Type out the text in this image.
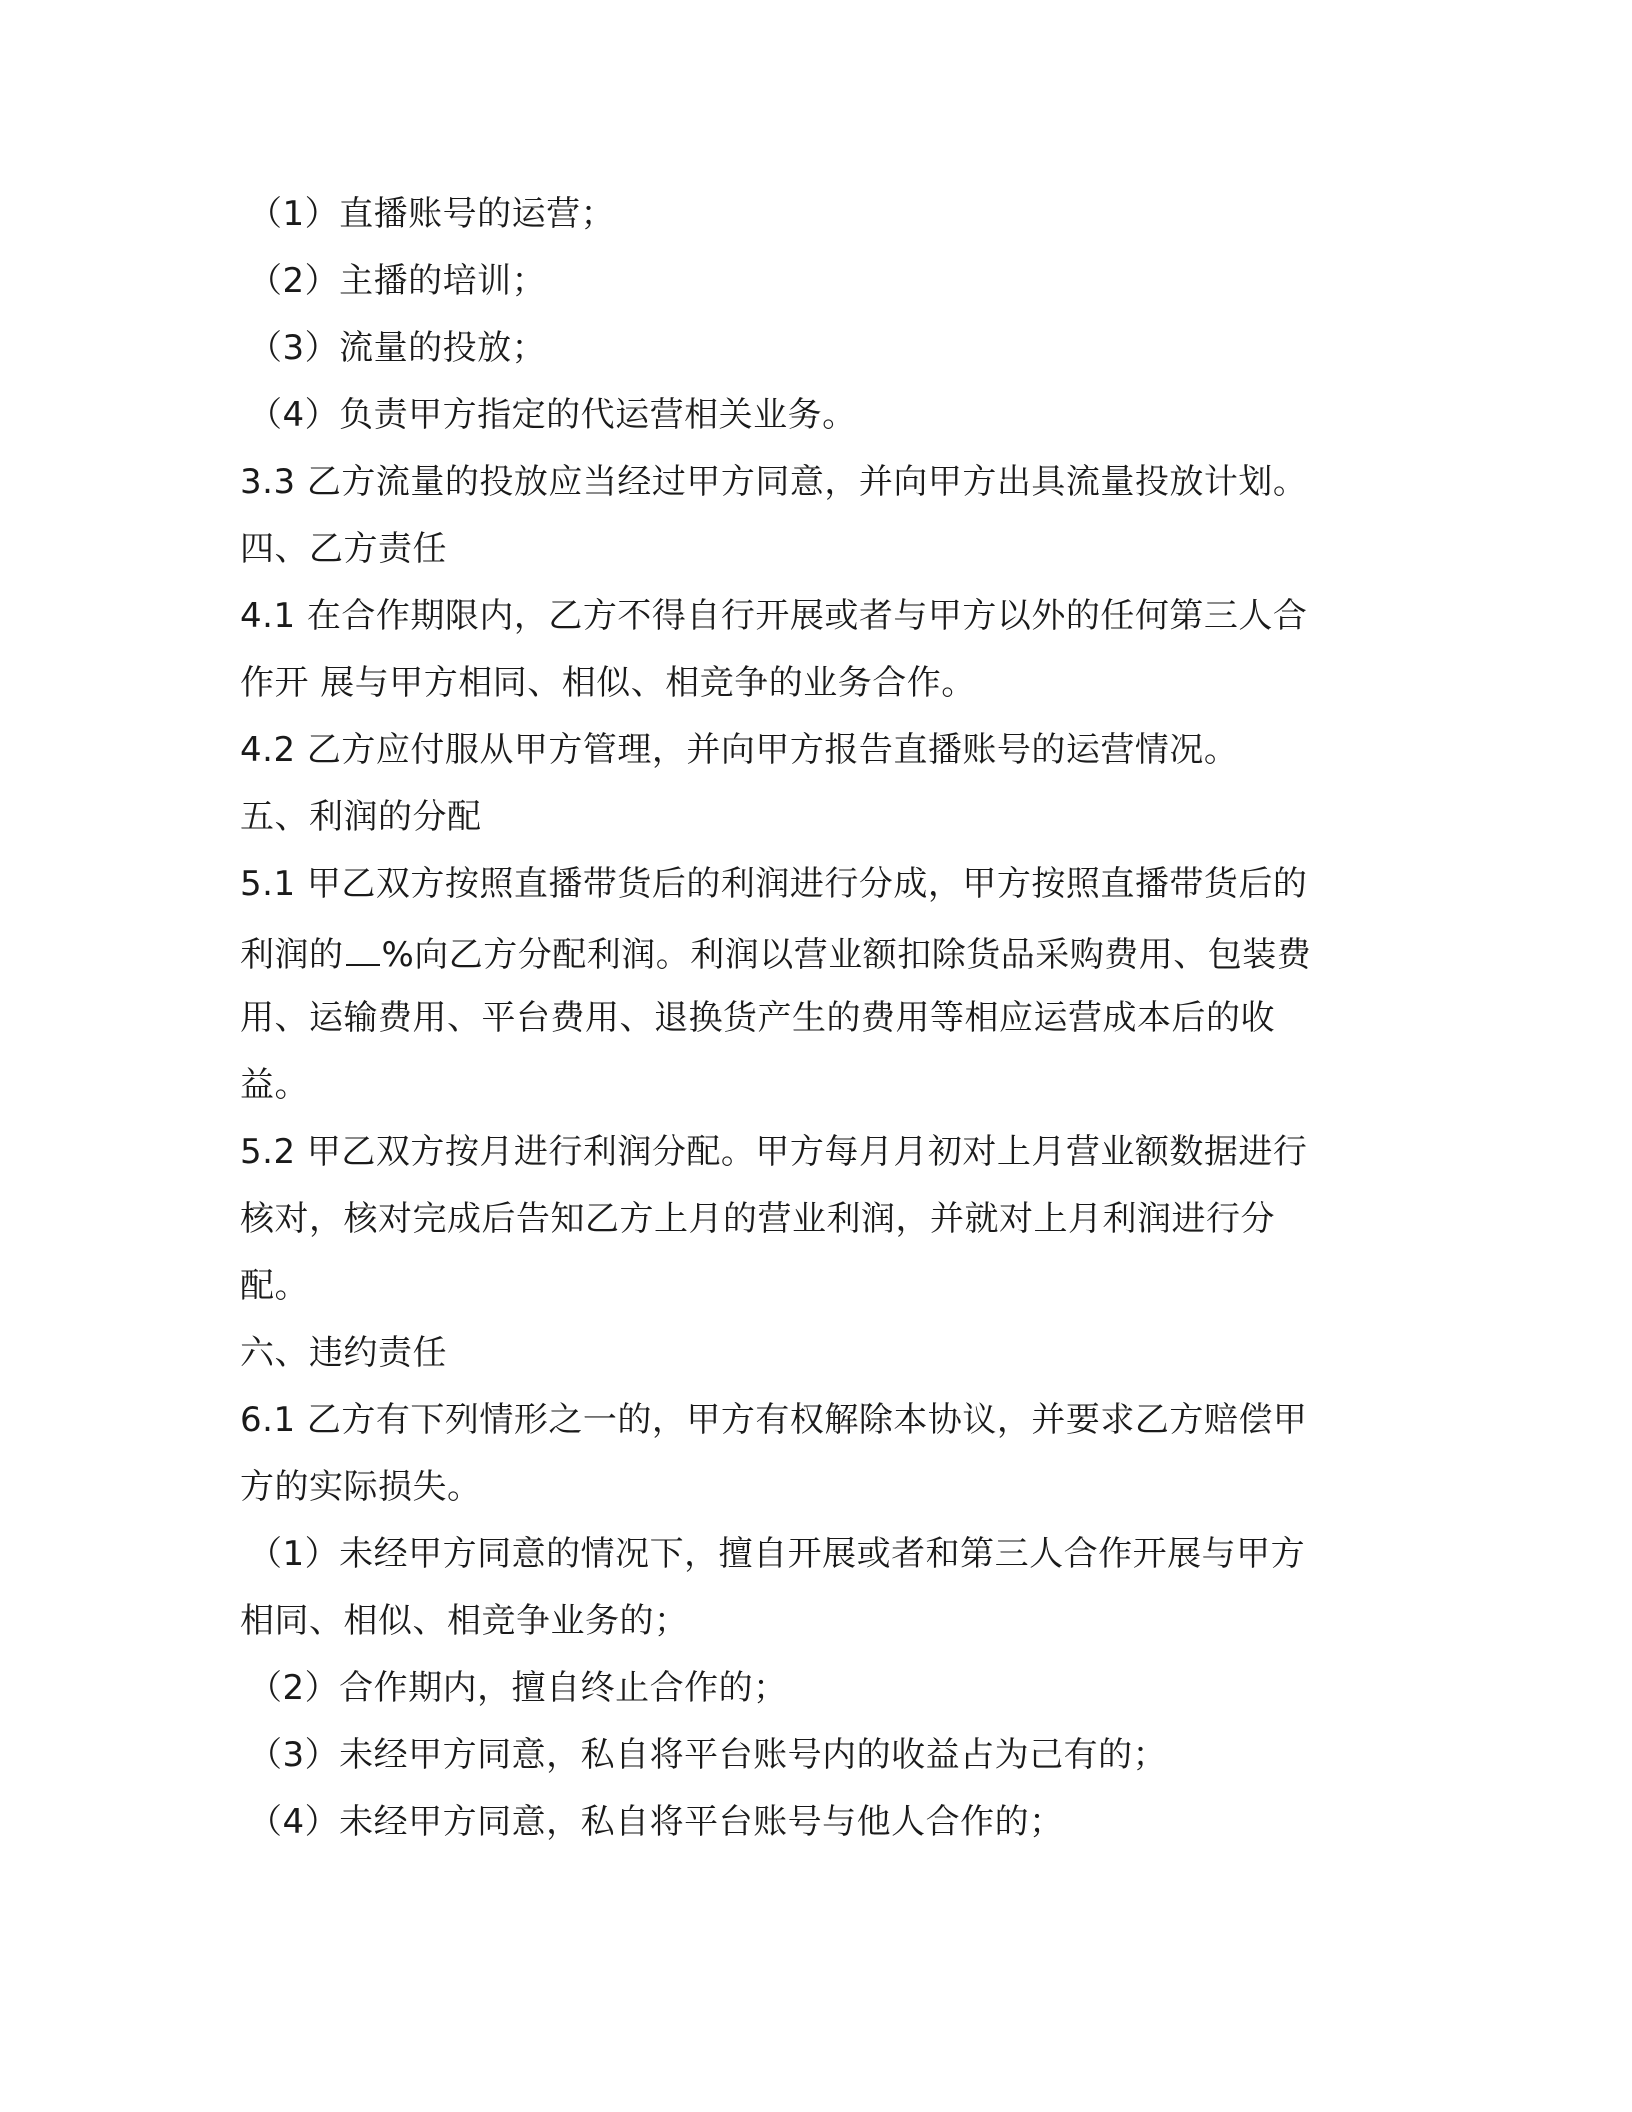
（1）直播账号的运营；
（2）主播的培训；
（3）流量的投放；
（4）负责甲方指定的代运营相关业务。
3.3 乙方流量的投放应当经过甲方同意，并向甲方出具流量投放计划。
四、乙方责任
4.1 在合作期限内，乙方不得自行开展或者与甲方以外的任何第三人合
作开 展与甲方相同、相似、相竞争的业务合作。
4.2 乙方应付服从甲方管理，并向甲方报告直播账号的运营情况。
五、利润的分配
5.1 甲乙双方按照直播带货后的利润进行分成，甲方按照直播带货后的
利润的 %向乙方分配利润。利润以营业额扣除货品采购费用、包装费
用、运输费用、平台费用、退换货产生的费用等相应运营成本后的收
益。
5.2 甲乙双方按月进行利润分配。甲方每月月初对上月营业额数据进行
核对，核对完成后告知乙方上月的营业利润，并就对上月利润进行分
配。
六、违约责任
6.1 乙方有下列情形之一的，甲方有权解除本协议，并要求乙方赔偿甲
方的实际损失。
（1）未经甲方同意的情况下，擅自开展或者和第三人合作开展与甲方
相同、相似、相竞争业务的；
（2）合作期内，擅自终止合作的；
（3）未经甲方同意，私自将平台账号内的收益占为己有的；
（4）未经甲方同意，私自将平台账号与他人合作的；
